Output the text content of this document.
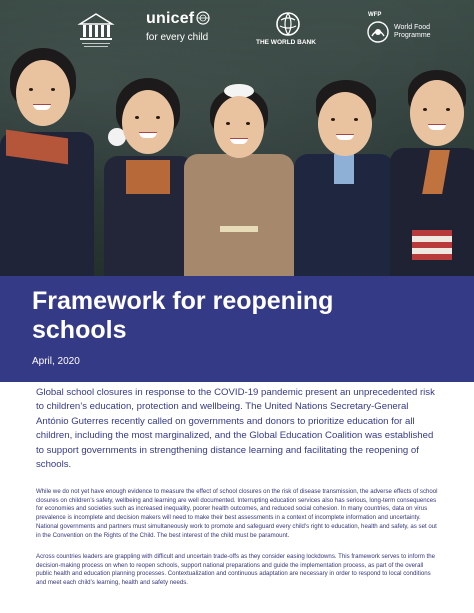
unicef
for every child	THE WORLD BANK
WFP
World Food Programme
Framework for reopening schools
April, 2020
Global school closures in response to the COVID-19 pandemic present an unprecedented risk to children’s education, protection and wellbeing. The United Nations Secretary-General António Guterres recently called on governments and donors to prioritize education for all children, including the most marginalized, and the Global Education Coalition was established to support governments in strengthening distance learning and facilitating the reopening of schools.
While we do not yet have enough evidence to measure the effect of school closures on the risk of disease transmission, the adverse effects of school closures on children’s safety, wellbeing and learning are well documented. Interrupting education services also has serious, long-term consequences for economies and societies such as increased inequality, poorer health outcomes, and reduced social cohesion. In many countries, data on virus prevalence is incomplete and decision makers will need to make their best assessments in a context of incomplete information and uncertainty. National governments and partners must simultaneously work to promote and safeguard every child’s right to education, health and safety, as set out in the Convention on the Rights of the Child. The best interest of the child must be paramount.
Across countries leaders are grappling with difficult and uncertain trade-offs as they consider easing lockdowns. This framework serves to inform the decision-making process on when to reopen schools, support national preparations and guide the implementation process, as part of the overall public health and education planning processes. Contextualization and continuous adaptation are necessary in order to respond to local conditions and meet each child’s learning, health and safety needs.
